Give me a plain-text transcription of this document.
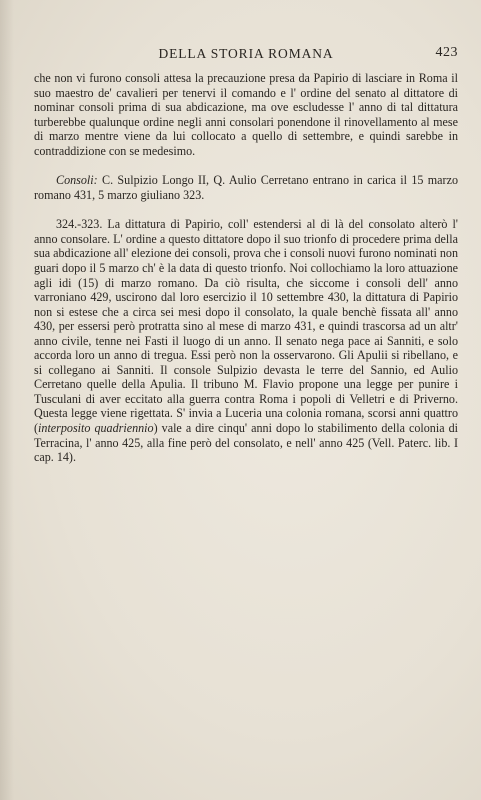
DELLA STORIA ROMANA	423

che non vi furono consoli attesa la precauzione presa da Papirio di lasciare in Roma il suo maestro de' cavalieri per tenervi il comando e l' ordine del senato al dittatore di nominar consoli prima di sua abdicazione, ma ove escludesse l' anno di tal dittatura turberebbe qualunque ordine negli anni consolari ponendone il rinovellamento al mese di marzo mentre viene da lui collocato a quello di settembre, e quindi sarebbe in contraddizione con se medesimo.

Consoli: C. Sulpizio Longo II, Q. Aulio Cerretano entrano in carica il 15 marzo romano 431, 5 marzo giuliano 323.

324.-323. La dittatura di Papirio, coll' estendersi al di là del consolato alterò l' anno consolare. L' ordine a questo dittatore dopo il suo trionfo di procedere prima della sua abdicazione all' elezione dei consoli, prova che i consoli nuovi furono nominati non guari dopo il 5 marzo ch' è la data di questo trionfo. Noi collochiamo la loro attuazione agli idi (15) di marzo romano. Da ciò risulta, che siccome i consoli dell' anno varroniano 429, uscirono dal loro esercizio il 10 settembre 430, la dittatura di Papirio non si estese che a circa sei mesi dopo il consolato, la quale benchè fissata all' anno 430, per essersi però protratta sino al mese di marzo 431, e quindi trascorsa ad un altr' anno civile, tenne nei Fasti il luogo di un anno. Il senato nega pace ai Sanniti, e solo accorda loro un anno di tregua. Essi però non la osservarono. Gli Apulii si ribellano, e si collegano ai Sanniti. Il console Sulpizio devasta le terre del Sannio, ed Aulio Cerretano quelle della Apulia. Il tribuno M. Flavio propone una legge per punire i Tusculani di aver eccitato alla guerra contra Roma i popoli di Velletri e di Priverno. Questa legge viene rigettata. S' invia a Luceria una colonia romana, scorsi anni quattro (interposito quadriennio) vale a dire cinqu' anni dopo lo stabilimento della colonia di Terracina, l' anno 425, alla fine però del consolato, e nell' anno 425 (Vell. Paterc. lib. I cap. 14).
